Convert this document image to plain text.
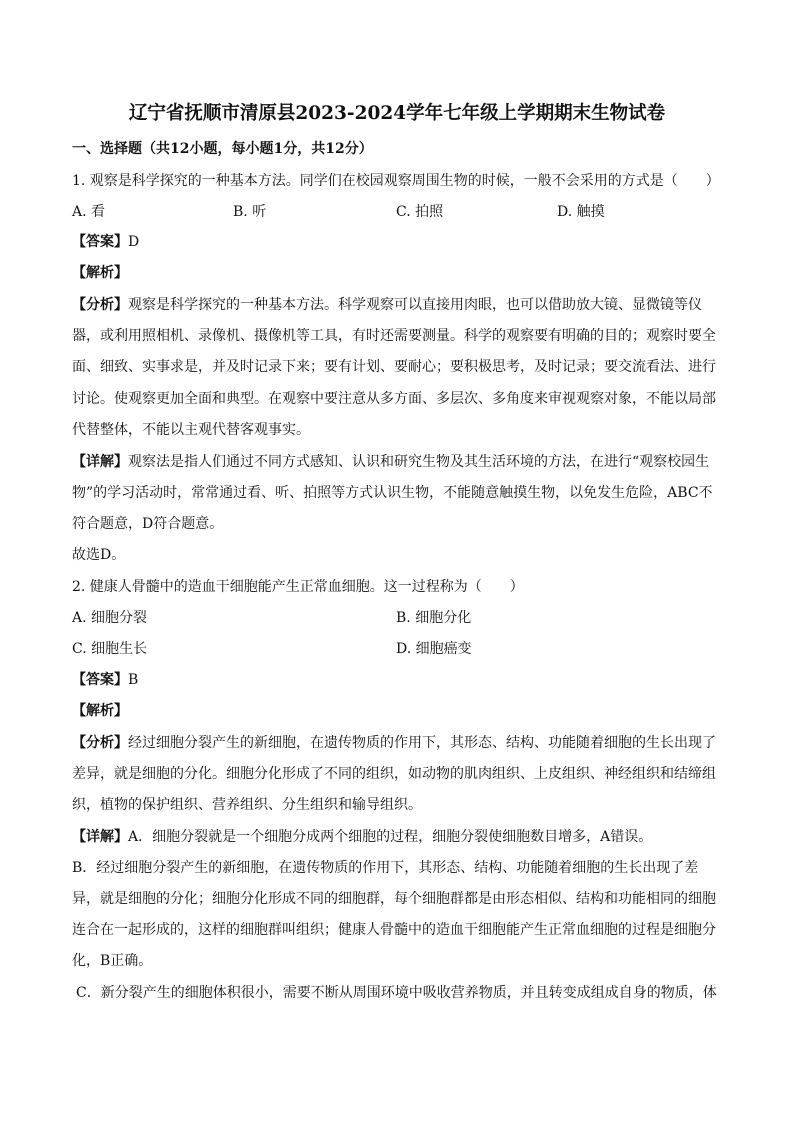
辽宁省抚顺市清原县2023-2024学年七年级上学期期末生物试卷
一、选择题（共12小题，每小题1分，共12分）
1. 观察是科学探究的一种基本方法。同学们在校园观察周围生物的时候，一般不会采用的方式是（　　）
A. 看	B. 听	C. 拍照	D. 触摸
【答案】D
【解析】
【分析】观察是科学探究的一种基本方法。科学观察可以直接用肉眼，也可以借助放大镜、显微镜等仪
器，或利用照相机、录像机、摄像机等工具，有时还需要测量。科学的观察要有明确的目的；观察时要全
面、细致、实事求是，并及时记录下来；要有计划、要耐心；要积极思考，及时记录；要交流看法、进行
讨论。使观察更加全面和典型。在观察中要注意从多方面、多层次、多角度来审视观察对象，不能以局部
代替整体，不能以主观代替客观事实。
【详解】观察法是指人们通过不同方式感知、认识和研究生物及其生活环境的方法，在进行“观察校园生
物”的学习活动时，常常通过看、听、拍照等方式认识生物，不能随意触摸生物，以免发生危险，ABC不
符合题意，D符合题意。
故选D。
2. 健康人骨髓中的造血干细胞能产生正常血细胞。这一过程称为（　　）
A. 细胞分裂	B. 细胞分化
C. 细胞生长	D. 细胞癌变
【答案】B
【解析】
【分析】经过细胞分裂产生的新细胞，在遗传物质的作用下，其形态、结构、功能随着细胞的生长出现了
差异，就是细胞的分化。细胞分化形成了不同的组织，如动物的肌肉组织、上皮组织、神经组织和结缔组
织，植物的保护组织、营养组织、分生组织和输导组织。
【详解】A．细胞分裂就是一个细胞分成两个细胞的过程，细胞分裂使细胞数目增多，A错误。
B．经过细胞分裂产生的新细胞，在遗传物质的作用下，其形态、结构、功能随着细胞的生长出现了差
异，就是细胞的分化；细胞分化形成不同的细胞群，每个细胞群都是由形态相似、结构和功能相同的细胞
连合在一起形成的，这样的细胞群叫组织；健康人骨髓中的造血干细胞能产生正常血细胞的过程是细胞分
化，B正确。
C．新分裂产生的细胞体积很小，需要不断从周围环境中吸收营养物质，并且转变成组成自身的物质，体
